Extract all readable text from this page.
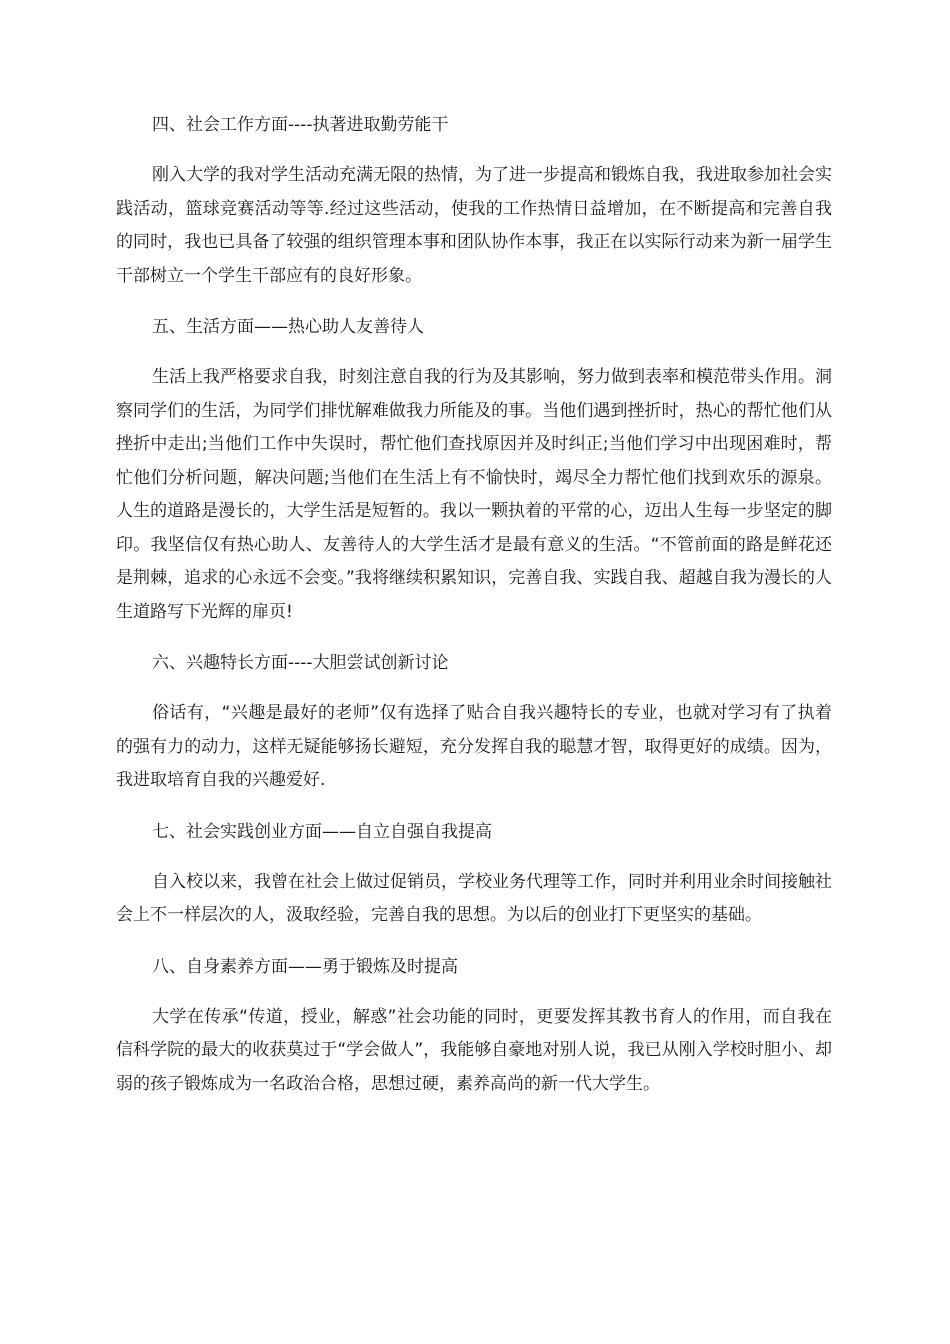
四、社会工作方面----执著进取勤劳能干
刚入大学的我对学生活动充满无限的热情，为了进一步提高和锻炼自我，我进取参加社会实践活动，篮球竞赛活动等等.经过这些活动，使我的工作热情日益增加，在不断提高和完善自我的同时，我也已具备了较强的组织管理本事和团队协作本事，我正在以实际行动来为新一届学生干部树立一个学生干部应有的良好形象。
五、生活方面——热心助人友善待人
生活上我严格要求自我，时刻注意自我的行为及其影响，努力做到表率和模范带头作用。洞察同学们的生活，为同学们排忧解难做我力所能及的事。当他们遇到挫折时，热心的帮忙他们从挫折中走出;当他们工作中失误时，帮忙他们查找原因并及时纠正;当他们学习中出现困难时，帮忙他们分析问题，解决问题;当他们在生活上有不愉快时，竭尽全力帮忙他们找到欢乐的源泉。人生的道路是漫长的，大学生活是短暂的。我以一颗执着的平常的心，迈出人生每一步坚定的脚印。我坚信仅有热心助人、友善待人的大学生活才是最有意义的生活。“不管前面的路是鲜花还是荆棘，追求的心永远不会变。”我将继续积累知识，完善自我、实践自我、超越自我为漫长的人生道路写下光辉的扉页!
六、兴趣特长方面----大胆尝试创新讨论
俗话有，“兴趣是最好的老师”仅有选择了贴合自我兴趣特长的专业，也就对学习有了执着的强有力的动力，这样无疑能够扬长避短，充分发挥自我的聪慧才智，取得更好的成绩。因为，我进取培育自我的兴趣爱好.
七、社会实践创业方面——自立自强自我提高
自入校以来，我曾在社会上做过促销员，学校业务代理等工作，同时并利用业余时间接触社会上不一样层次的人，汲取经验，完善自我的思想。为以后的创业打下更坚实的基础。
八、自身素养方面——勇于锻炼及时提高
大学在传承“传道，授业，解惑”社会功能的同时，更要发挥其教书育人的作用，而自我在信科学院的最大的收获莫过于“学会做人”，我能够自豪地对别人说，我已从刚入学校时胆小、却弱的孩子锻炼成为一名政治合格，思想过硬，素养高尚的新一代大学生。
